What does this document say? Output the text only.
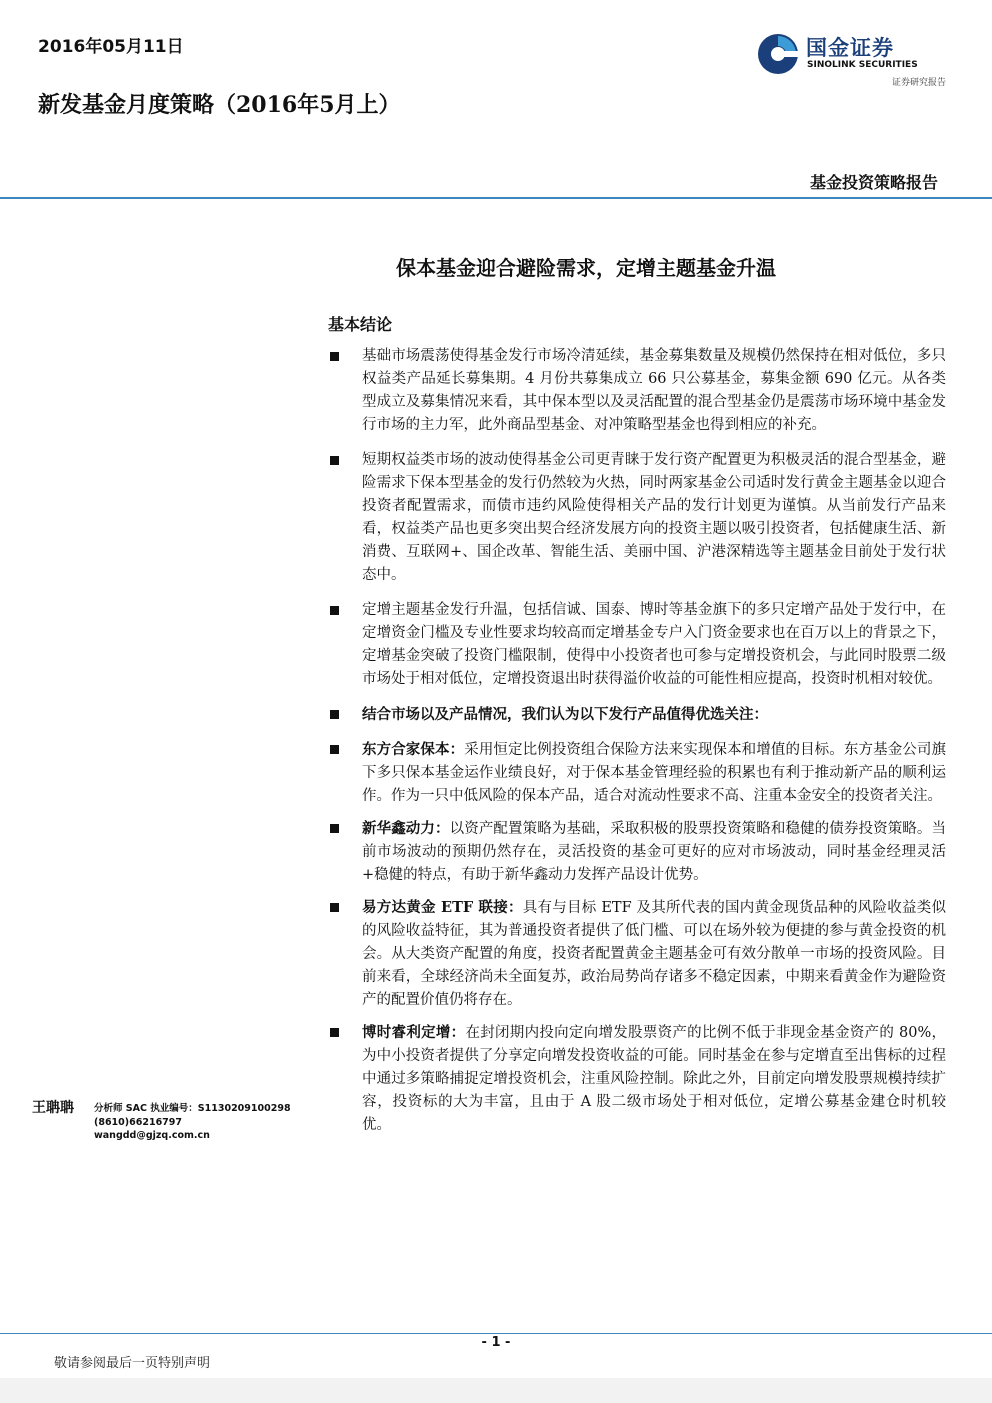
2016年05月11日	国金证券
SINOLINK SECURITIES
证券研究报告
新发基金月度策略（2016年5月上）
基金投资策略报告
保本基金迎合避险需求，定增主题基金升温
基本结论
基础市场震荡使得基金发行市场冷清延续，基金募集数量及规模仍然保持在相对低位，多只权益类产品延长募集期。4 月份共募集成立 66 只公募基金，募集金额 690 亿元。从各类型成立及募集情况来看，其中保本型以及灵活配置的混合型基金仍是震荡市场环境中基金发行市场的主力军，此外商品型基金、对冲策略型基金也得到相应的补充。
短期权益类市场的波动使得基金公司更青睐于发行资产配置更为积极灵活的混合型基金，避险需求下保本型基金的发行仍然较为火热，同时两家基金公司适时发行黄金主题基金以迎合投资者配置需求，而债市违约风险使得相关产品的发行计划更为谨慎。从当前发行产品来看，权益类产品也更多突出契合经济发展方向的投资主题以吸引投资者，包括健康生活、新消费、互联网+、国企改革、智能生活、美丽中国、沪港深精选等主题基金目前处于发行状态中。
定增主题基金发行升温，包括信诚、国泰、博时等基金旗下的多只定增产品处于发行中，在定增资金门槛及专业性要求均较高而定增基金专户入门资金要求也在百万以上的背景之下，定增基金突破了投资门槛限制，使得中小投资者也可参与定增投资机会，与此同时股票二级市场处于相对低位，定增投资退出时获得溢价收益的可能性相应提高，投资时机相对较优。
结合市场以及产品情况，我们认为以下发行产品值得优选关注：
东方合家保本：采用恒定比例投资组合保险方法来实现保本和增值的目标。东方基金公司旗下多只保本基金运作业绩良好，对于保本基金管理经验的积累也有利于推动新产品的顺利运作。作为一只中低风险的保本产品，适合对流动性要求不高、注重本金安全的投资者关注。
新华鑫动力：以资产配置策略为基础，采取积极的股票投资策略和稳健的债券投资策略。当前市场波动的预期仍然存在，灵活投资的基金可更好的应对市场波动，同时基金经理灵活+稳健的特点，有助于新华鑫动力发挥产品设计优势。
易方达黄金 ETF 联接：具有与目标 ETF 及其所代表的国内黄金现货品种的风险收益类似的风险收益特征，其为普通投资者提供了低门槛、可以在场外较为便捷的参与黄金投资的机会。从大类资产配置的角度，投资者配置黄金主题基金可有效分散单一市场的投资风险。目前来看，全球经济尚未全面复苏，政治局势尚存诸多不稳定因素，中期来看黄金作为避险资产的配置价值仍将存在。
博时睿利定增：在封闭期内投向定向增发股票资产的比例不低于非现金基金资产的 80%，为中小投资者提供了分享定向增发投资收益的可能。同时基金在参与定增直至出售标的过程中通过多策略捕捉定增投资机会，注重风险控制。除此之外，目前定向增发股票规模持续扩容，投资标的大为丰富，且由于 A 股二级市场处于相对低位，定增公募基金建仓时机较优。
王聃聃 分析师 SAC 执业编号：S1130209100298
(8610)66216797
wangdd@gjzq.com.cn
- 1 -
敬请参阅最后一页特别声明
